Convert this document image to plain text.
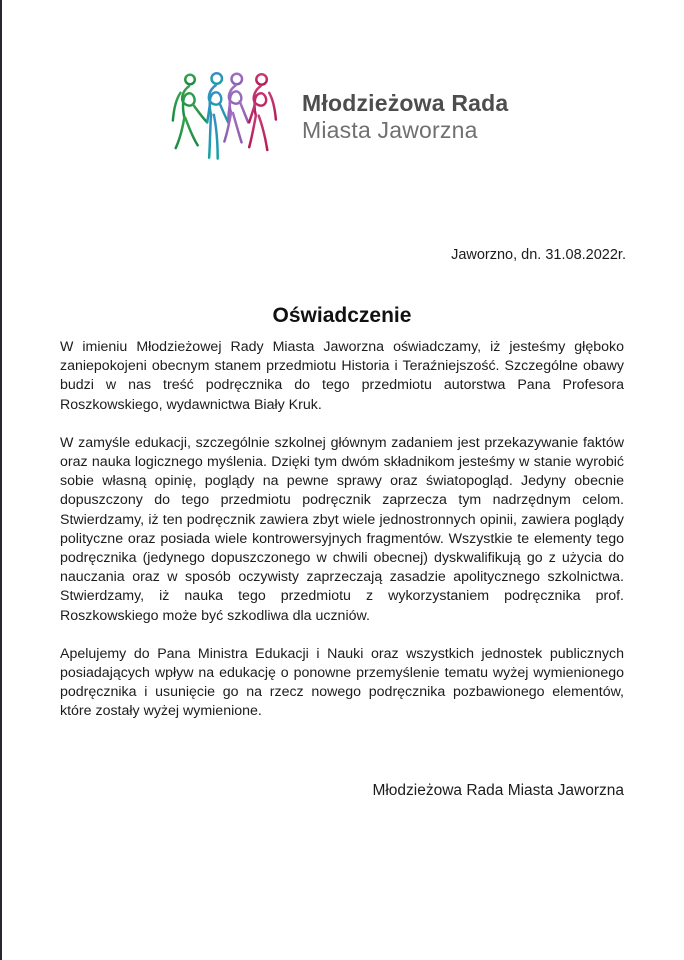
Młodzieżowa Rada
Miasta Jaworzna
Jaworzno, dn. 31.08.2022r.
Oświadczenie

W imieniu Młodzieżowej Rady Miasta Jaworzna oświadczamy, iż jesteśmy głęboko zaniepokojeni obecnym stanem przedmiotu Historia i Teraźniejszość. Szczególne obawy budzi w nas treść podręcznika do tego przedmiotu autorstwa Pana Profesora Roszkowskiego, wydawnictwa Biały Kruk.

W zamyśle edukacji, szczególnie szkolnej głównym zadaniem jest przekazywanie faktów oraz nauka logicznego myślenia. Dzięki tym dwóm składnikom jesteśmy w stanie wyrobić sobie własną opinię, poglądy na pewne sprawy oraz światopogląd. Jedyny obecnie dopuszczony do tego przedmiotu podręcznik zaprzecza tym nadrzędnym celom. Stwierdzamy, iż ten podręcznik zawiera zbyt wiele jednostronnych opinii, zawiera poglądy polityczne oraz posiada wiele kontrowersyjnych fragmentów. Wszystkie te elementy tego podręcznika (jedynego dopuszczonego w chwili obecnej) dyskwalifikują go z użycia do nauczania oraz w sposób oczywisty zaprzeczają zasadzie apolitycznego szkolnictwa. Stwierdzamy, iż nauka tego przedmiotu z wykorzystaniem podręcznika prof. Roszkowskiego może być szkodliwa dla uczniów.

Apelujemy do Pana Ministra Edukacji i Nauki oraz wszystkich jednostek publicznych posiadających wpływ na edukację o ponowne przemyślenie tematu wyżej wymienionego podręcznika i usunięcie go na rzecz nowego podręcznika pozbawionego elementów, które zostały wyżej wymienione.

Młodzieżowa Rada Miasta Jaworzna
